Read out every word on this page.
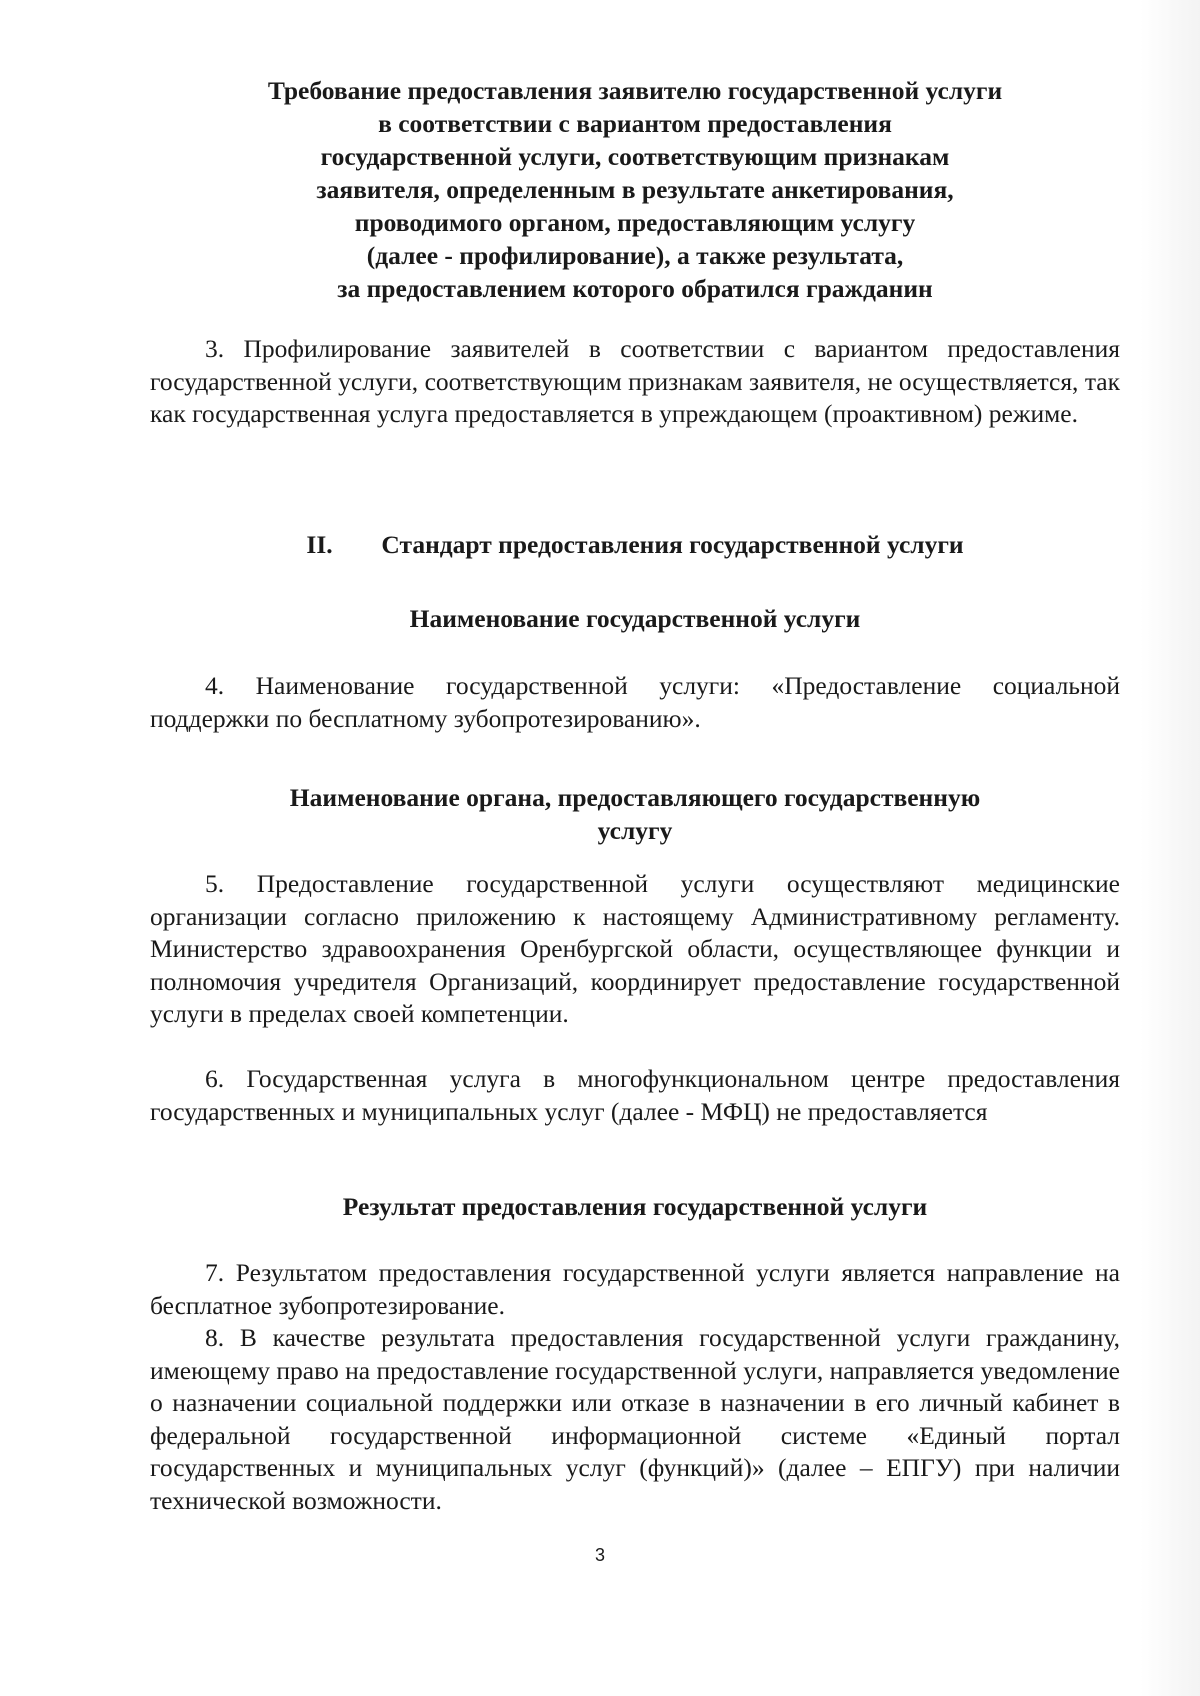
Требование предоставления заявителю государственной услуги
в соответствии с вариантом предоставления
государственной услуги, соответствующим признакам
заявителя, определенным в результате анкетирования,
проводимого органом, предоставляющим услугу
(далее - профилирование), а также результата,
за предоставлением которого обратился гражданин
3. Профилирование заявителей в соответствии с вариантом предоставления государственной услуги, соответствующим признакам заявителя, не осуществляется, так как государственная услуга предоставляется в упреждающем (проактивном) режиме.
II. Стандарт предоставления государственной услуги
Наименование государственной услуги
4. Наименование государственной услуги: «Предоставление социальной поддержки по бесплатному зубопротезированию».
Наименование органа, предоставляющего государственную
услугу
5. Предоставление государственной услуги осуществляют медицинские организации согласно приложению к настоящему Административному регламенту. Министерство здравоохранения Оренбургской области, осуществляющее функции и полномочия учредителя Организаций, координирует предоставление государственной услуги в пределах своей компетенции.
6. Государственная услуга в многофункциональном центре предоставления государственных и муниципальных услуг (далее - МФЦ) не предоставляется
Результат предоставления государственной услуги
7. Результатом предоставления государственной услуги является направление на бесплатное зубопротезирование.
8. В качестве результата предоставления государственной услуги гражданину, имеющему право на предоставление государственной услуги, направляется уведомление о назначении социальной поддержки или отказе в назначении в его личный кабинет в федеральной государственной информационной системе «Единый портал государственных и муниципальных услуг (функций)» (далее – ЕПГУ) при наличии технической возможности.
3
